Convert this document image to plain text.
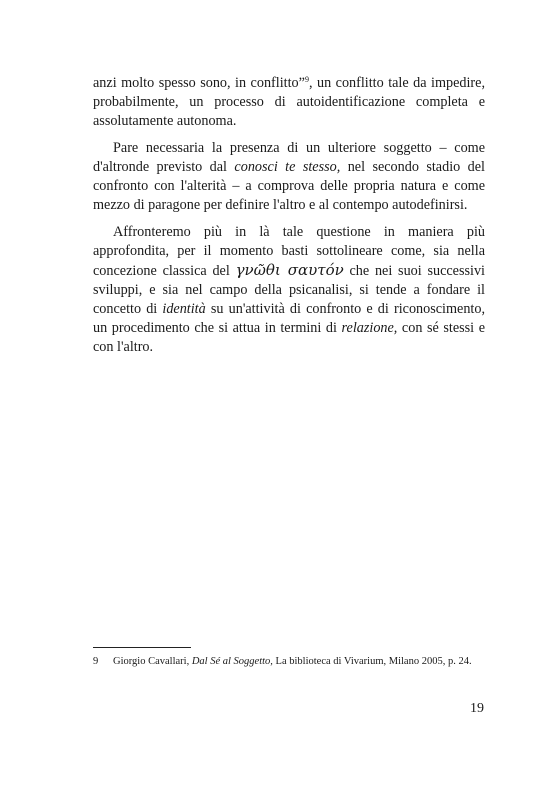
anzi molto spesso sono, in conflitto”$^9$, un conflitto tale da impedire, probabilmente, un processo di autoidentificazione completa e assolutamente autonoma.

Pare necessaria la presenza di un ulteriore soggetto – come d'altronde previsto dal conosci te stesso, nel secondo stadio del confronto con l'alterità – a comprova delle propria natura e come mezzo di paragone per definire l'altro e al contempo autodefinirsi.

Affronteremo più in là tale questione in maniera più approfondita, per il momento basti sottolineare come, sia nella concezione classica del γνῶθι σαυτόν che nei suoi successivi sviluppi, e sia nel campo della psicanalisi, si tende a fondare il concetto di identità su un'attività di confronto e di riconoscimento, un procedimento che si attua in termini di relazione, con sé stessi e con l'altro.

9 Giorgio Cavallari, Dal Sé al Soggetto, La biblioteca di Vivarium, Milano 2005, p. 24.
19
